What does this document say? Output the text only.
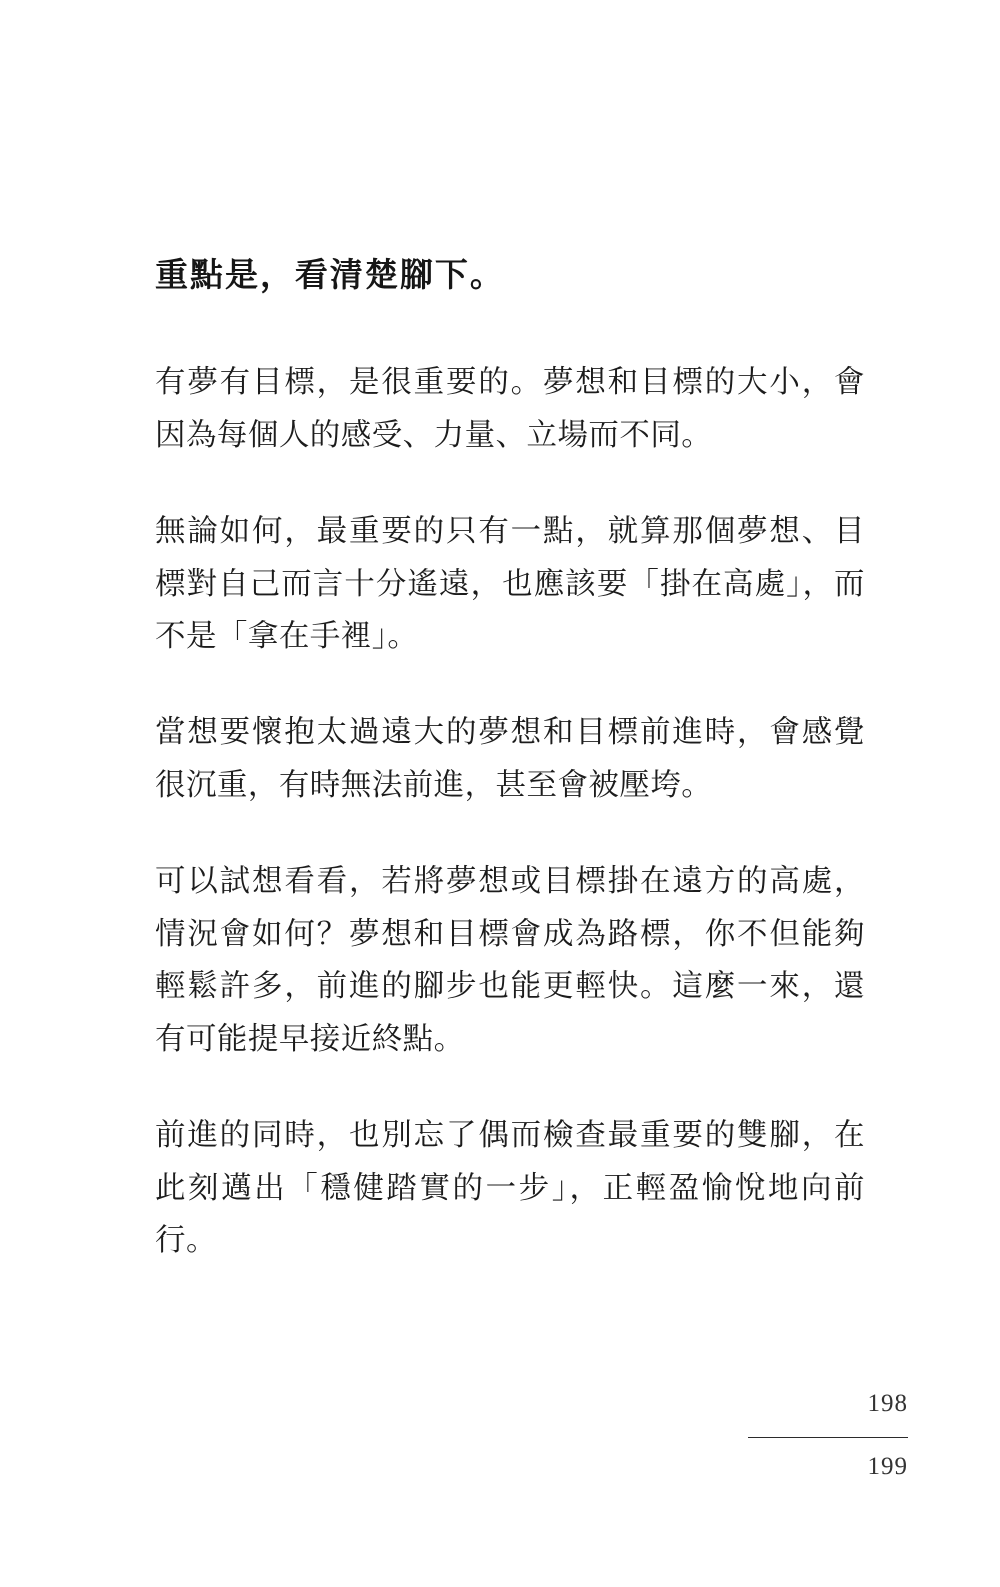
重點是，看清楚腳下。

有夢有目標，是很重要的。夢想和目標的大小，會因為每個人的感受、力量、立場而不同。

無論如何，最重要的只有一點，就算那個夢想、目標對自己而言十分遙遠，也應該要「掛在高處」，而不是「拿在手裡」。

當想要懷抱太過遠大的夢想和目標前進時，會感覺很沉重，有時無法前進，甚至會被壓垮。

可以試想看看，若將夢想或目標掛在遠方的高處，情況會如何？夢想和目標會成為路標，你不但能夠輕鬆許多，前進的腳步也能更輕快。這麼一來，還有可能提早接近終點。

前進的同時，也別忘了偶而檢查最重要的雙腳，在此刻邁出「穩健踏實的一步」，正輕盈愉悅地向前行。

198
199
